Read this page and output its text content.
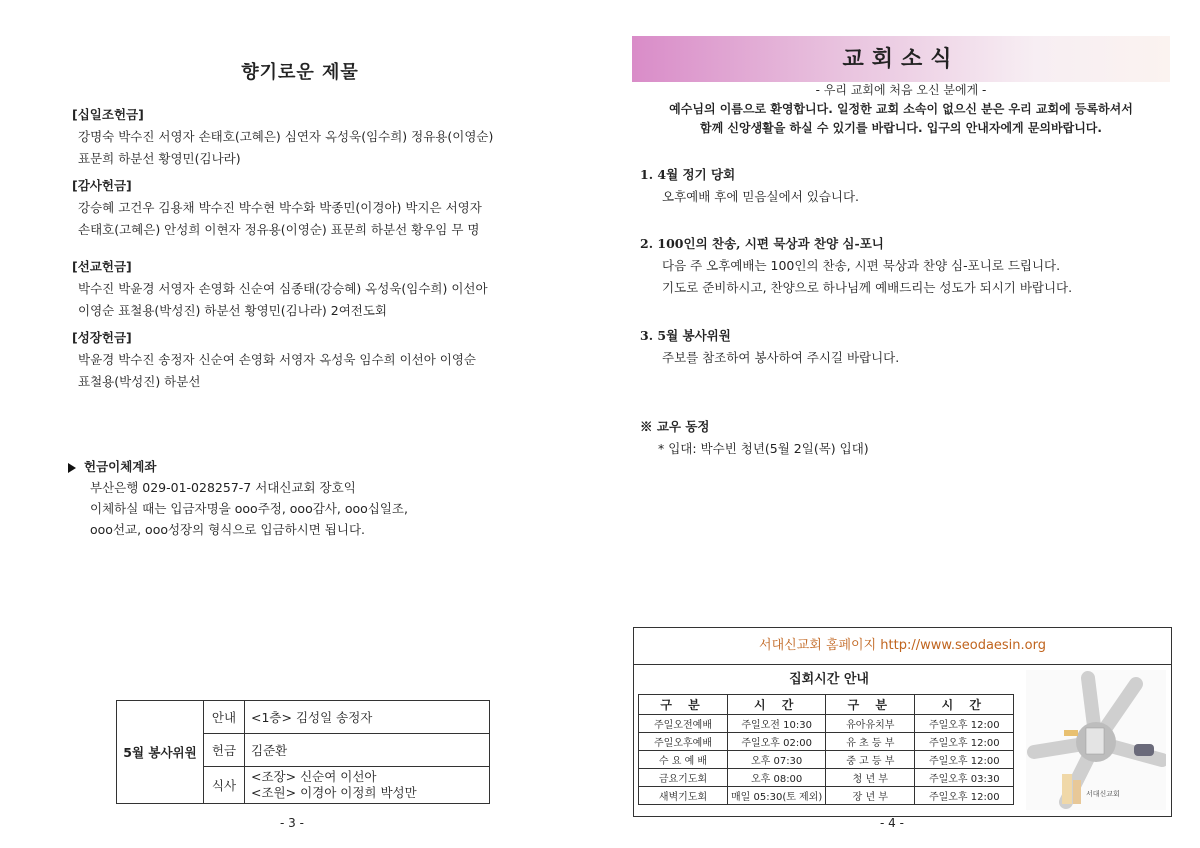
향기로운 제물
[십일조헌금]
강명숙 박수진 서영자 손태호(고혜은) 심연자 옥성욱(임수희) 정유용(이영순)
표문희 하분선 황영민(김나라)
[감사헌금]
강승혜 고건우 김용채 박수진 박수현 박수화 박종민(이경아) 박지은 서영자
손태호(고혜은) 안성희 이현자 정유용(이영순) 표문희 하분선 황우임 무 명
[선교헌금]
박수진 박윤경 서영자 손영화 신순여 심종태(강승혜) 옥성욱(임수희) 이선아
이영순 표철용(박성진) 하분선 황영민(김나라) 2여전도회
[성장헌금]
박윤경 박수진 송정자 신순여 손영화 서영자 옥성욱 임수희 이선아 이영순
표철용(박성진) 하분선
헌금이체계좌
부산은행 029-01-028257-7 서대신교회 장호익
이체하실 때는 입금자명을 ooo주정, ooo감사, ooo십일조,
ooo선교, ooo성장의 형식으로 입금하시면 됩니다.
5월 봉사위원	안내	<1층> 김성일 송정자
	헌금	김준환
	식사	<조장> 신순여 이선아
<조원> 이경아 이정희 박성만
- 3 -
교회소식
- 우리 교회에 처음 오신 분에게 -
예수님의 이름으로 환영합니다. 일정한 교회 소속이 없으신 분은 우리 교회에 등록하셔서
함께 신앙생활을 하실 수 있기를 바랍니다. 입구의 안내자에게 문의바랍니다.
1. 4월 정기 당회
오후예배 후에 믿음실에서 있습니다.
2. 100인의 찬송, 시편 묵상과 찬양 심-포니
다음 주 오후예배는 100인의 찬송, 시편 묵상과 찬양 심-포니로 드립니다.
기도로 준비하시고, 찬양으로 하나님께 예배드리는 성도가 되시기 바랍니다.
3. 5월 봉사위원
주보를 참조하여 봉사하여 주시길 바랍니다.
※ 교우 동정
* 입대: 박수빈 청년(5월 2일(목) 입대)
서대신교회 홈페이지 http://www.seodaesin.org
집회시간 안내
구 분	시 간	구 분	시 간
주일오전예배	주일오전 10:30	유아유치부	주일오후 12:00
주일오후예배	주일오후 02:00	유 초 등 부	주일오후 12:00
수 요 예 배	오후 07:30	중 고 등 부	주일오후 12:00
금요기도회	오후 08:00	청 년 부	주일오후 03:30
새벽기도회	매일 05:30(토 제외)	장 년 부	주일오후 12:00	서대신교회
- 4 -
